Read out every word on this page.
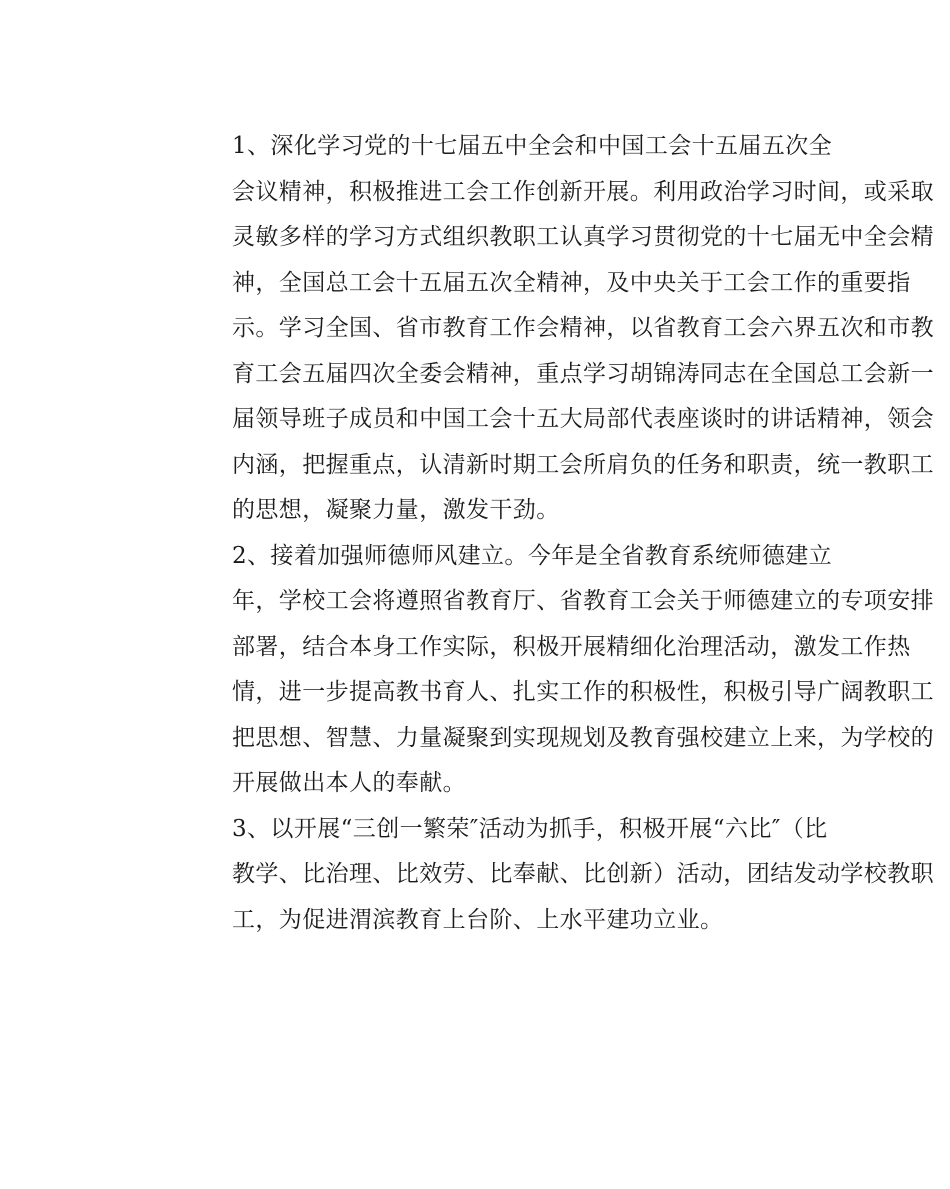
1、深化学习党的十七届五中全会和中国工会十五届五次全
会议精神，积极推进工会工作创新开展。利用政治学习时间，或采取
灵敏多样的学习方式组织教职工认真学习贯彻党的十七届无中全会精
神，全国总工会十五届五次全精神，及中央关于工会工作的重要指
示。学习全国、省市教育工作会精神，以省教育工会六界五次和市教
育工会五届四次全委会精神，重点学习胡锦涛同志在全国总工会新一
届领导班子成员和中国工会十五大局部代表座谈时的讲话精神，领会
内涵，把握重点，认清新时期工会所肩负的任务和职责，统一教职工
的思想，凝聚力量，激发干劲。

2、接着加强师德师风建立。今年是全省教育系统师德建立
年，学校工会将遵照省教育厅、省教育工会关于师德建立的专项安排
部署，结合本身工作实际，积极开展精细化治理活动，激发工作热
情，进一步提高教书育人、扎实工作的积极性，积极引导广阔教职工
把思想、智慧、力量凝聚到实现规划及教育强校建立上来，为学校的
开展做出本人的奉献。

3、以开展“三创一繁荣″活动为抓手，积极开展“六比″（比
教学、比治理、比效劳、比奉献、比创新）活动，团结发动学校教职
工，为促进渭滨教育上台阶、上水平建功立业。
